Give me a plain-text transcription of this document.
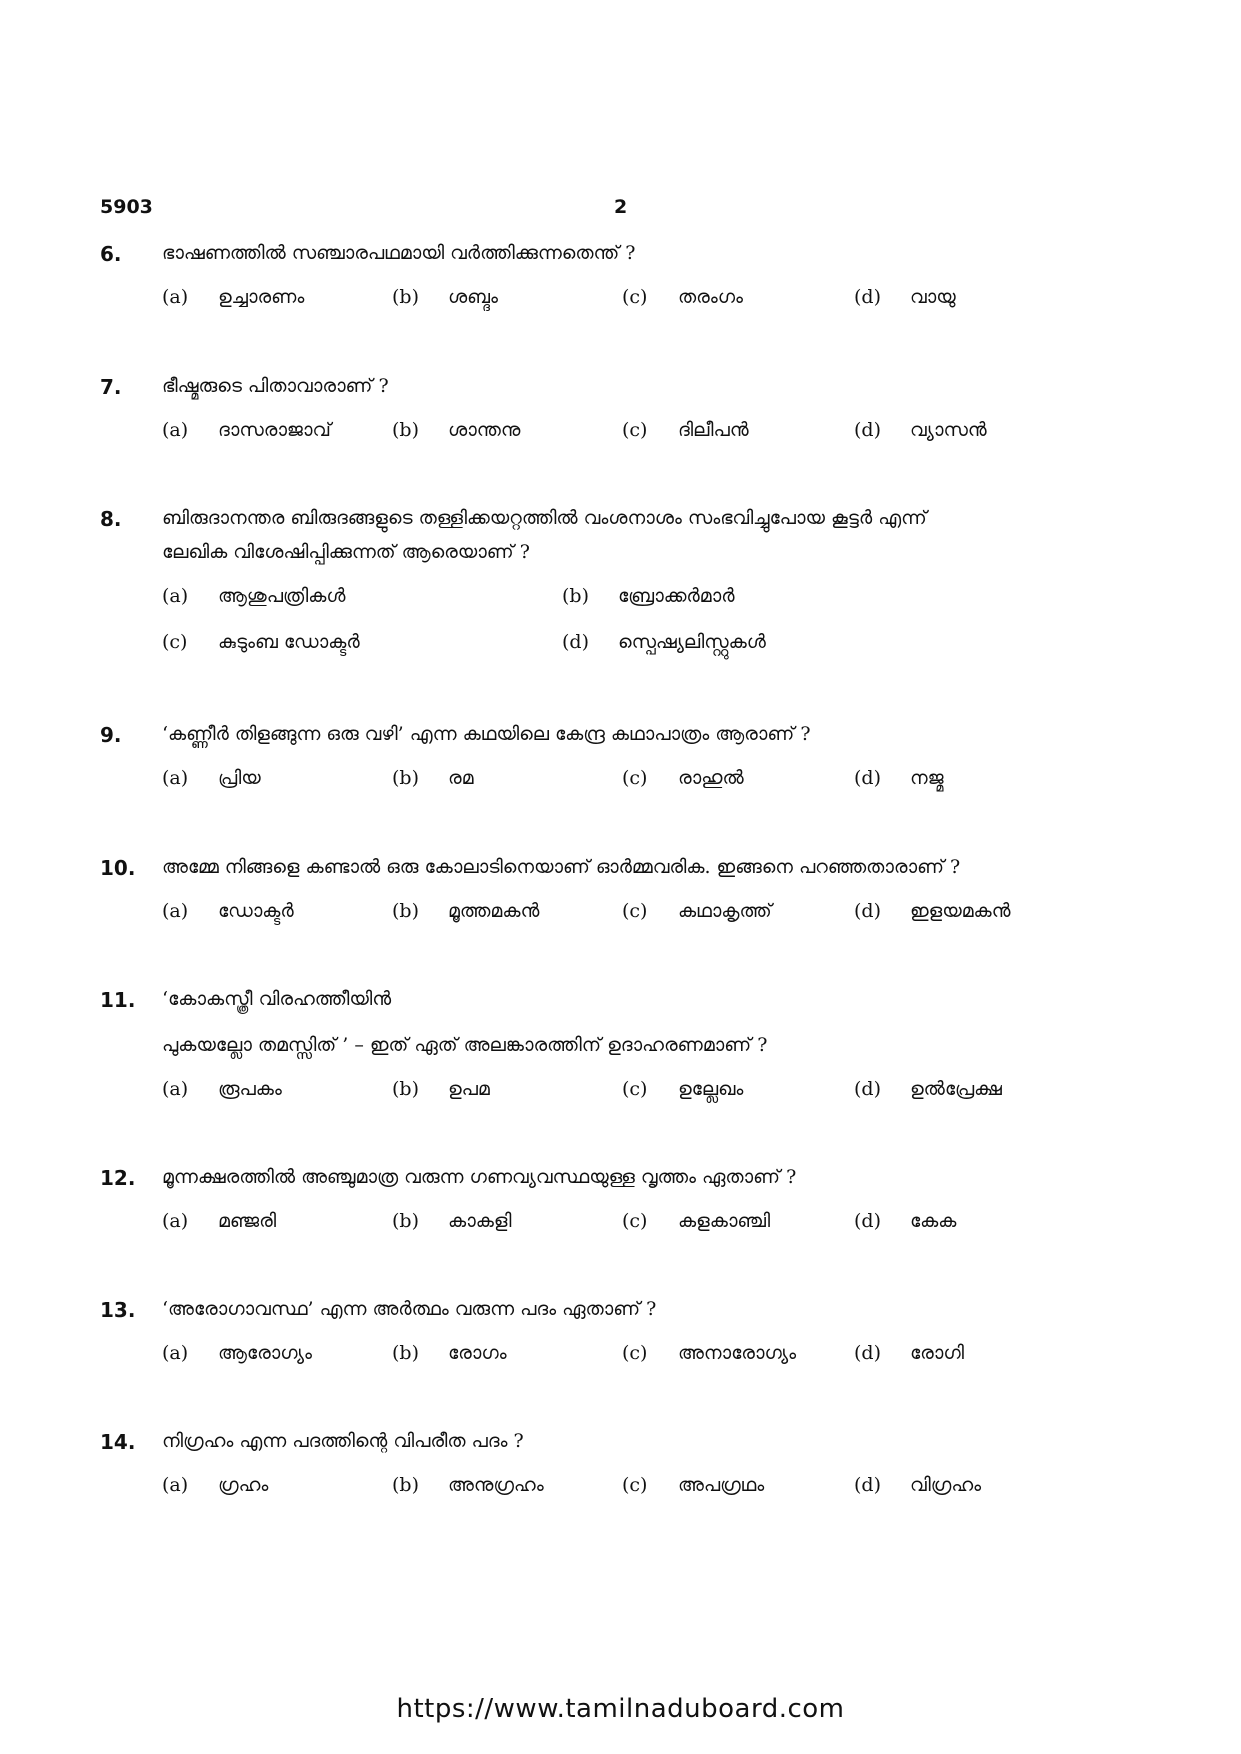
5903	2
6. ഭാഷണത്തിൽ സഞ്ചാരപഥമായി വർത്തിക്കുന്നതെന്ത് ?
(a) ഉച്ചാരണം	(b) ശബ്ദം	(c) തരംഗം	(d) വായു
7. ഭീഷ്മരുടെ പിതാവാരാണ് ?
(a) ദാസരാജാവ്	(b) ശാന്തനു	(c) ദിലീപൻ	(d) വ്യാസൻ
8. ബിരുദാനന്തര ബിരുദങ്ങളുടെ തള്ളിക്കയറ്റത്തിൽ വംശനാശം സംഭവിച്ചുപോയ കൂട്ടർ എന്ന്
ലേഖിക വിശേഷിപ്പിക്കുന്നത് ആരെയാണ് ?
(a) ആശുപത്രികൾ	(b) ബ്രോക്കർമാർ
(c) കുടുംബ ഡോക്ടർ	(d) സ്പെഷ്യലിസ്റ്റുകൾ
9. ‘കണ്ണീർ തിളങ്ങുന്ന ഒരു വഴി’ എന്ന കഥയിലെ കേന്ദ്ര കഥാപാത്രം ആരാണ് ?
(a) പ്രിയ	(b) രമ	(c) രാഹുൽ	(d) നജ്മ
10. അമ്മേ നിങ്ങളെ കണ്ടാൽ ഒരു കോലാടിനെയാണ് ഓർമ്മവരിക. ഇങ്ങനെ പറഞ്ഞതാരാണ് ?
(a) ഡോക്ടർ	(b) മൂത്തമകൻ	(c) കഥാകൃത്ത്	(d) ഇളയമകൻ
11. ‘കോകസ്ത്രീ വിരഹത്തീയിൻ
പുകയല്ലോ തമസ്സിത് ’ – ഇത് ഏത് അലങ്കാരത്തിന് ഉദാഹരണമാണ് ?
(a) രൂപകം	(b) ഉപമ	(c) ഉല്ലേഖം	(d) ഉൽപ്രേക്ഷ
12. മൂന്നക്ഷരത്തിൽ അഞ്ചുമാത്ര വരുന്ന ഗണവ്യവസ്ഥയുള്ള വൃത്തം ഏതാണ് ?
(a) മഞ്ജരി	(b) കാകളി	(c) കളകാഞ്ചി	(d) കേക
13. ‘അരോഗാവസ്ഥ’ എന്ന അർത്ഥം വരുന്ന പദം ഏതാണ് ?
(a) ആരോഗ്യം	(b) രോഗം	(c) അനാരോഗ്യം	(d) രോഗി
14. നിഗ്രഹം എന്ന പദത്തിന്റെ വിപരീത പദം ?
(a) ഗ്രഹം	(b) അനുഗ്രഹം	(c) അപഗ്രഥം	(d) വിഗ്രഹം
https://www.tamilnaduboard.com
